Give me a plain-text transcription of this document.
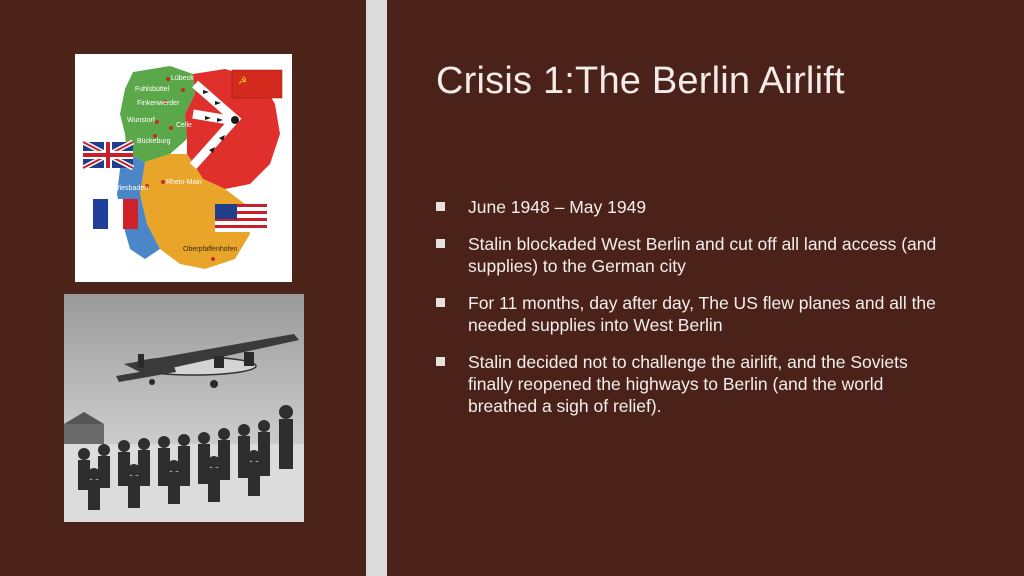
Lübeck
Fuhlsbüttel
Finkenwerder
Wunstorf
Celle
Bückeburg
Wiesbaden
Rhein-Main
Oberpfaffenhofen
☭	Crisis 1:The Berlin Airlift
June 1948 – May 1949
Stalin blockaded West Berlin and cut off all land access (and supplies) to the German city
For 11 months, day after day, The US flew planes and all the needed supplies into West Berlin
Stalin decided not to challenge the airlift, and the Soviets finally reopened the highways to Berlin (and the world breathed a sigh of relief).
